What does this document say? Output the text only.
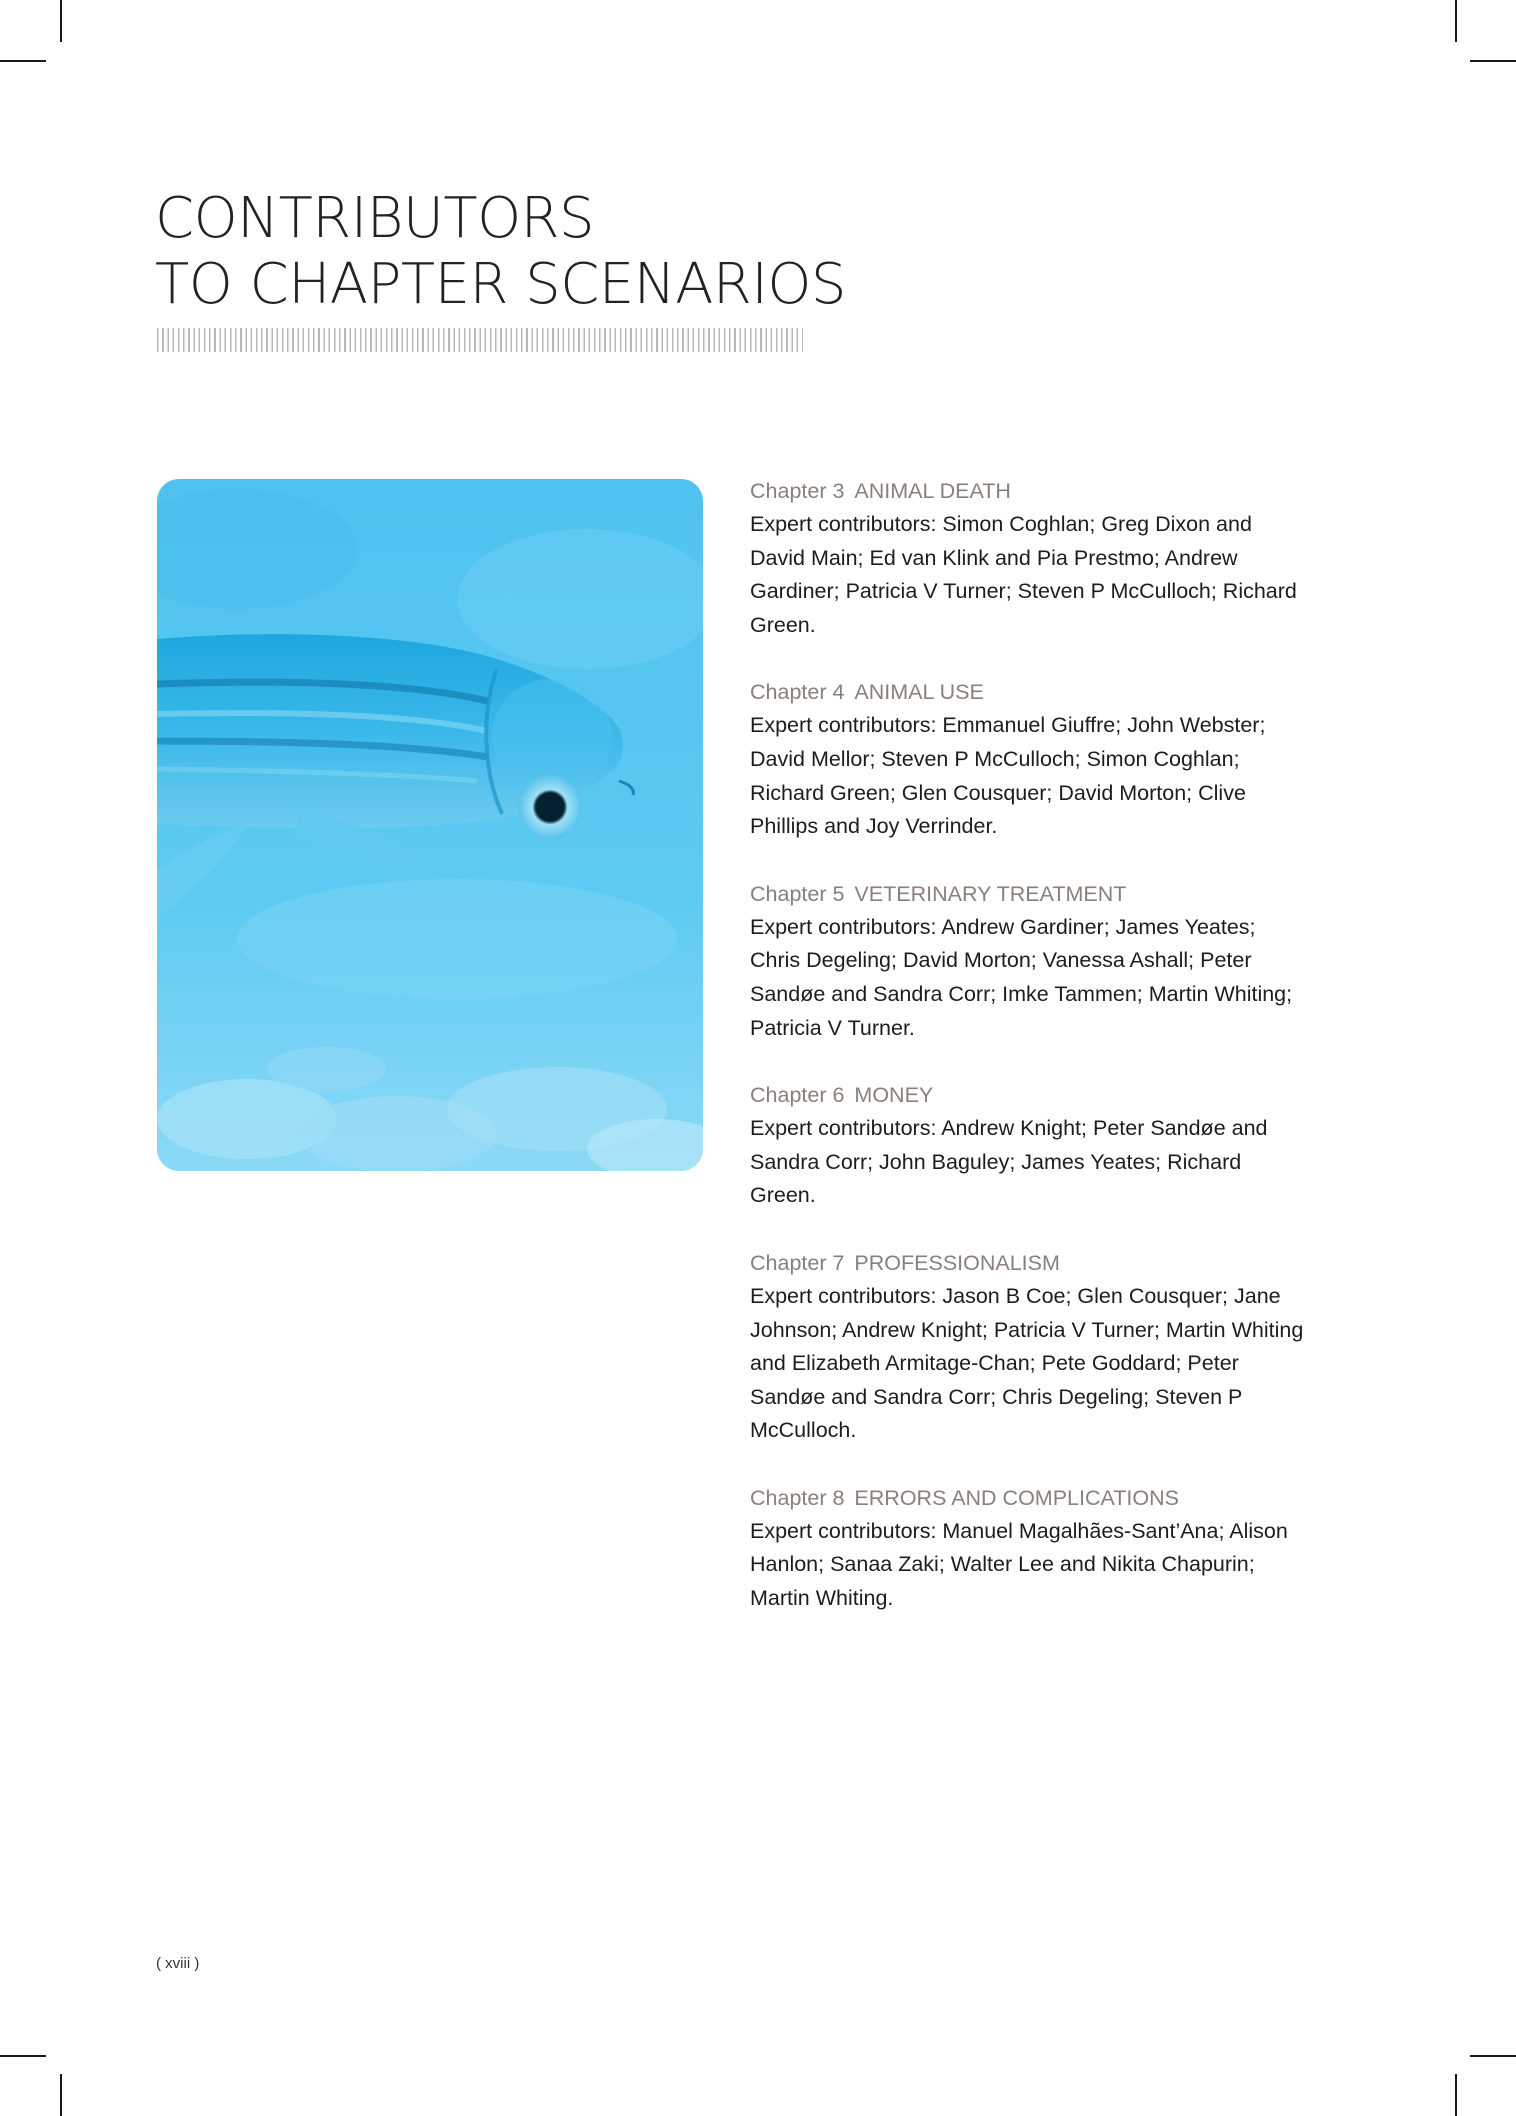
CONTRIBUTORS
TO CHAPTER SCENARIOS
Chapter 3 ANIMAL DEATH
Expert contributors: Simon Coghlan; Greg Dixon and David Main; Ed van Klink and Pia Prestmo; Andrew Gardiner; Patricia V Turner; Steven P McCulloch; Richard Green.
Chapter 4 ANIMAL USE
Expert contributors: Emmanuel Giuffre; John Webster; David Mellor; Steven P McCulloch; Simon Coghlan; Richard Green; Glen Cousquer; David Morton; Clive Phillips and Joy Verrinder.
Chapter 5 VETERINARY TREATMENT
Expert contributors: Andrew Gardiner; James Yeates; Chris Degeling; David Morton; Vanessa Ashall; Peter Sandøe and Sandra Corr; Imke Tammen; Martin Whiting; Patricia V Turner.
Chapter 6 MONEY
Expert contributors: Andrew Knight; Peter Sandøe and Sandra Corr; John Baguley; James Yeates; Richard Green.
Chapter 7 PROFESSIONALISM
Expert contributors: Jason B Coe; Glen Cousquer; Jane Johnson; Andrew Knight; Patricia V Turner; Martin Whiting and Elizabeth Armitage-Chan; Pete Goddard; Peter Sandøe and Sandra Corr; Chris Degeling; Steven P McCulloch.
Chapter 8 ERRORS AND COMPLICATIONS
Expert contributors: Manuel Magalhães-Sant’Ana; Alison Hanlon; Sanaa Zaki; Walter Lee and Nikita Chapurin; Martin Whiting.
( xviii )
